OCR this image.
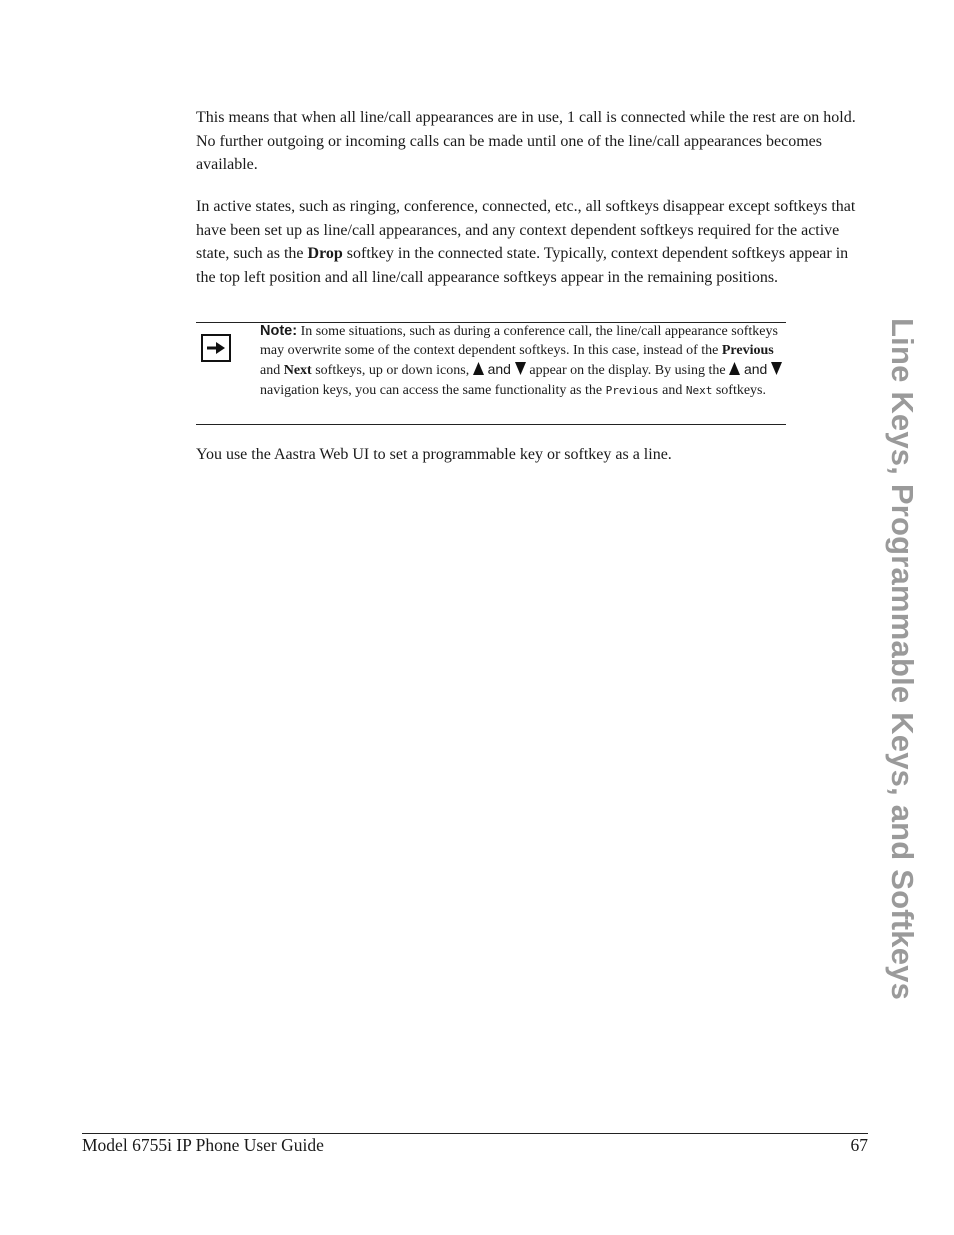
This means that when all line/call appearances are in use, 1 call is connected while the rest are on hold. No further outgoing or incoming calls can be made until one of the line/call appearances becomes available.

In active states, such as ringing, conference, connected, etc., all softkeys disappear except softkeys that have been set up as line/call appearances, and any context dependent softkeys required for the active state, such as the Drop softkey in the connected state. Typically, context dependent softkeys appear in the top left position and all line/call appearance softkeys appear in the remaining positions.

Note: In some situations, such as during a conference call, the line/call appearance softkeys may overwrite some of the context dependent softkeys. In this case, instead of the Previous and Next softkeys, up or down icons,  and  appear on the display. By using the  and  navigation keys, you can access the same functionality as the Previous and Next softkeys.

You use the Aastra Web UI to set a programmable key or softkey as a line.	Line Keys, Programmable Keys, and Softkeys
Model 6755i IP Phone User Guide	67
